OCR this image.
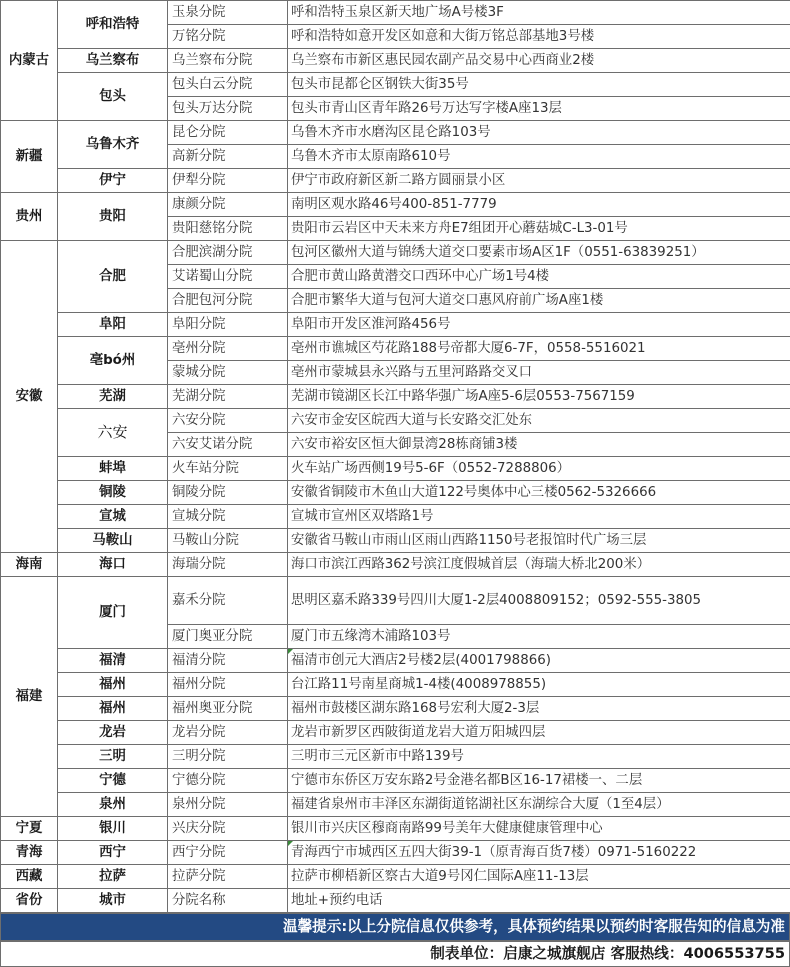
内蒙古	呼和浩特	玉泉分院	呼和浩特玉泉区新天地广场A号楼3F
		万铭分院	呼和浩特如意开发区如意和大街万铭总部基地3号楼
	乌兰察布	乌兰察布分院	乌兰察布市新区惠民园农副产品交易中心西商业2楼
	包头	包头白云分院	包头市昆都仑区钢铁大街35号
		包头万达分院	包头市青山区青年路26号万达写字楼A座13层
新疆	乌鲁木齐	昆仑分院	乌鲁木齐市水磨沟区昆仑路103号
		高新分院	乌鲁木齐市太原南路610号
	伊宁	伊犁分院	伊宁市政府新区新二路方圆丽景小区
贵州	贵阳	康颜分院	南明区观水路46号400-851-7779
		贵阳慈铭分院	贵阳市云岩区中天未来方舟E7组团开心蘑菇城C-L3-01号
安徽	合肥	合肥滨湖分院	包河区徽州大道与锦绣大道交口要素市场A区1F（0551-63839251）
		艾诺蜀山分院	合肥市黄山路黄潜交口西环中心广场1号4楼
		合肥包河分院	合肥市繁华大道与包河大道交口惠风府前广场A座1楼
	阜阳	阜阳分院	阜阳市开发区淮河路456号
	亳bó州	亳州分院	亳州市谯城区芍花路188号帝都大厦6-7F，0558-5516021
		蒙城分院	亳州市蒙城县永兴路与五里河路路交叉口
	芜湖	芜湖分院	芜湖市镜湖区长江中路华强广场A座5-6层0553-7567159
	六安	六安分院	六安市金安区皖西大道与长安路交汇处东
		六安艾诺分院	六安市裕安区恒大御景湾28栋商铺3楼
	蚌埠	火车站分院	火车站广场西侧19号5-6F（0552-7288806）
	铜陵	铜陵分院	安徽省铜陵市木鱼山大道122号奥体中心三楼0562-5326666
	宣城	宣城分院	宣城市宣州区双塔路1号
	马鞍山	马鞍山分院	安徽省马鞍山市雨山区雨山西路1150号老报馆时代广场三层
海南	海口	海瑞分院	海口市滨江西路362号滨江度假城首层（海瑞大桥北200米）
福建	厦门	嘉禾分院	思明区嘉禾路339号四川大厦1-2层4008809152；0592-555-3805
		厦门奥亚分院	厦门市五缘湾木浦路103号
	福清	福清分院	福清市创元大酒店2号楼2层(4001798866)
	福州	福州分院	台江路11号南星商城1-4楼(4008978855)
	福州	福州奥亚分院	福州市鼓楼区湖东路168号宏利大厦2-3层
	龙岩	龙岩分院	龙岩市新罗区西陂街道龙岩大道万阳城四层
	三明	三明分院	三明市三元区新市中路139号
	宁德	宁德分院	宁德市东侨区万安东路2号金港名都B区16-17裙楼一、二层
	泉州	泉州分院	福建省泉州市丰泽区东湖街道铭湖社区东湖综合大厦（1至4层）

宁夏	银川	兴庆分院	银川市兴庆区穆商南路99号美年大健康健康管理中心
青海	西宁	西宁分院	青海西宁市城西区五四大街39-1（原青海百货7楼）0971-5160222
西藏	拉萨	拉萨分院	拉萨市柳梧新区察古大道9号冈仁国际A座11-13层
省份	城市	分院名称	地址+预约电话
温馨提示:以上分院信息仅供参考，具体预约结果以预约时客服告知的信息为准
制表单位：启康之城旗舰店 客服热线：4006553755
